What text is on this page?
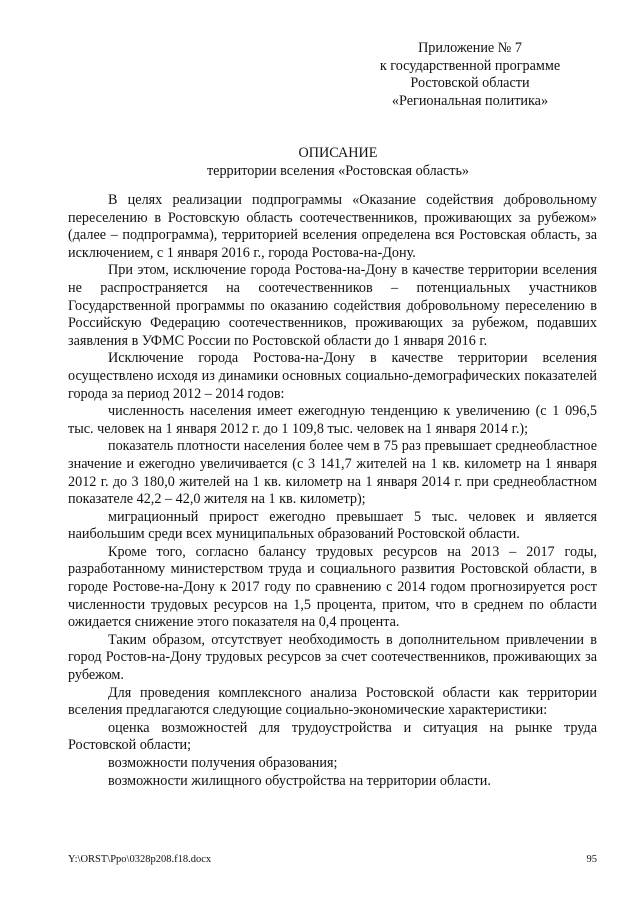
Приложение № 7
к государственной программе
Ростовской области
«Региональная политика»
ОПИСАНИЕ
территории вселения «Ростовская область»

В целях реализации подпрограммы «Оказание содействия добровольному переселению в Ростовскую область соотечественников, проживающих за рубежом» (далее – подпрограмма), территорией вселения определена вся Ростовская область, за исключением, с 1 января 2016 г., города Ростова-на-Дону.

При этом, исключение города Ростова-на-Дону в качестве территории вселения не распространяется на соотечественников – потенциальных участников Государственной программы по оказанию содействия добровольному переселению в Российскую Федерацию соотечественников, проживающих за рубежом, подавших заявления в УФМС России по Ростовской области до 1 января 2016 г.

Исключение города Ростова-на-Дону в качестве территории вселения осуществлено исходя из динамики основных социально-демографических показателей города за период 2012 – 2014 годов:

численность населения имеет ежегодную тенденцию к увеличению (с 1 096,5 тыс. человек на 1 января 2012 г. до 1 109,8 тыс. человек на 1 января 2014 г.);

показатель плотности населения более чем в 75 раз превышает среднеобластное значение и ежегодно увеличивается (с 3 141,7 жителей на 1 кв. километр на 1 января 2012 г. до 3 180,0 жителей на 1 кв. километр на 1 января 2014 г. при среднеобластном показателе 42,2 – 42,0 жителя на 1 кв. километр);

миграционный прирост ежегодно превышает 5 тыс. человек и является наибольшим среди всех муниципальных образований Ростовской области.

Кроме того, согласно балансу трудовых ресурсов на 2013 – 2017 годы, разработанному министерством труда и социального развития Ростовской области, в городе Ростове-на-Дону к 2017 году по сравнению с 2014 годом прогнозируется рост численности трудовых ресурсов на 1,5 процента, притом, что в среднем по области ожидается снижение этого показателя на 0,4 процента.

Таким образом, отсутствует необходимость в дополнительном привлечении в город Ростов-на-Дону трудовых ресурсов за счет соотечественников, проживающих за рубежом.

Для проведения комплексного анализа Ростовской области как территории вселения предлагаются следующие социально-экономические характеристики:

оценка возможностей для трудоустройства и ситуация на рынке труда Ростовской области;

возможности получения образования;

возможности жилищного обустройства на территории области.

Y:\ORST\Ppo\0328p208.f18.docx	95
